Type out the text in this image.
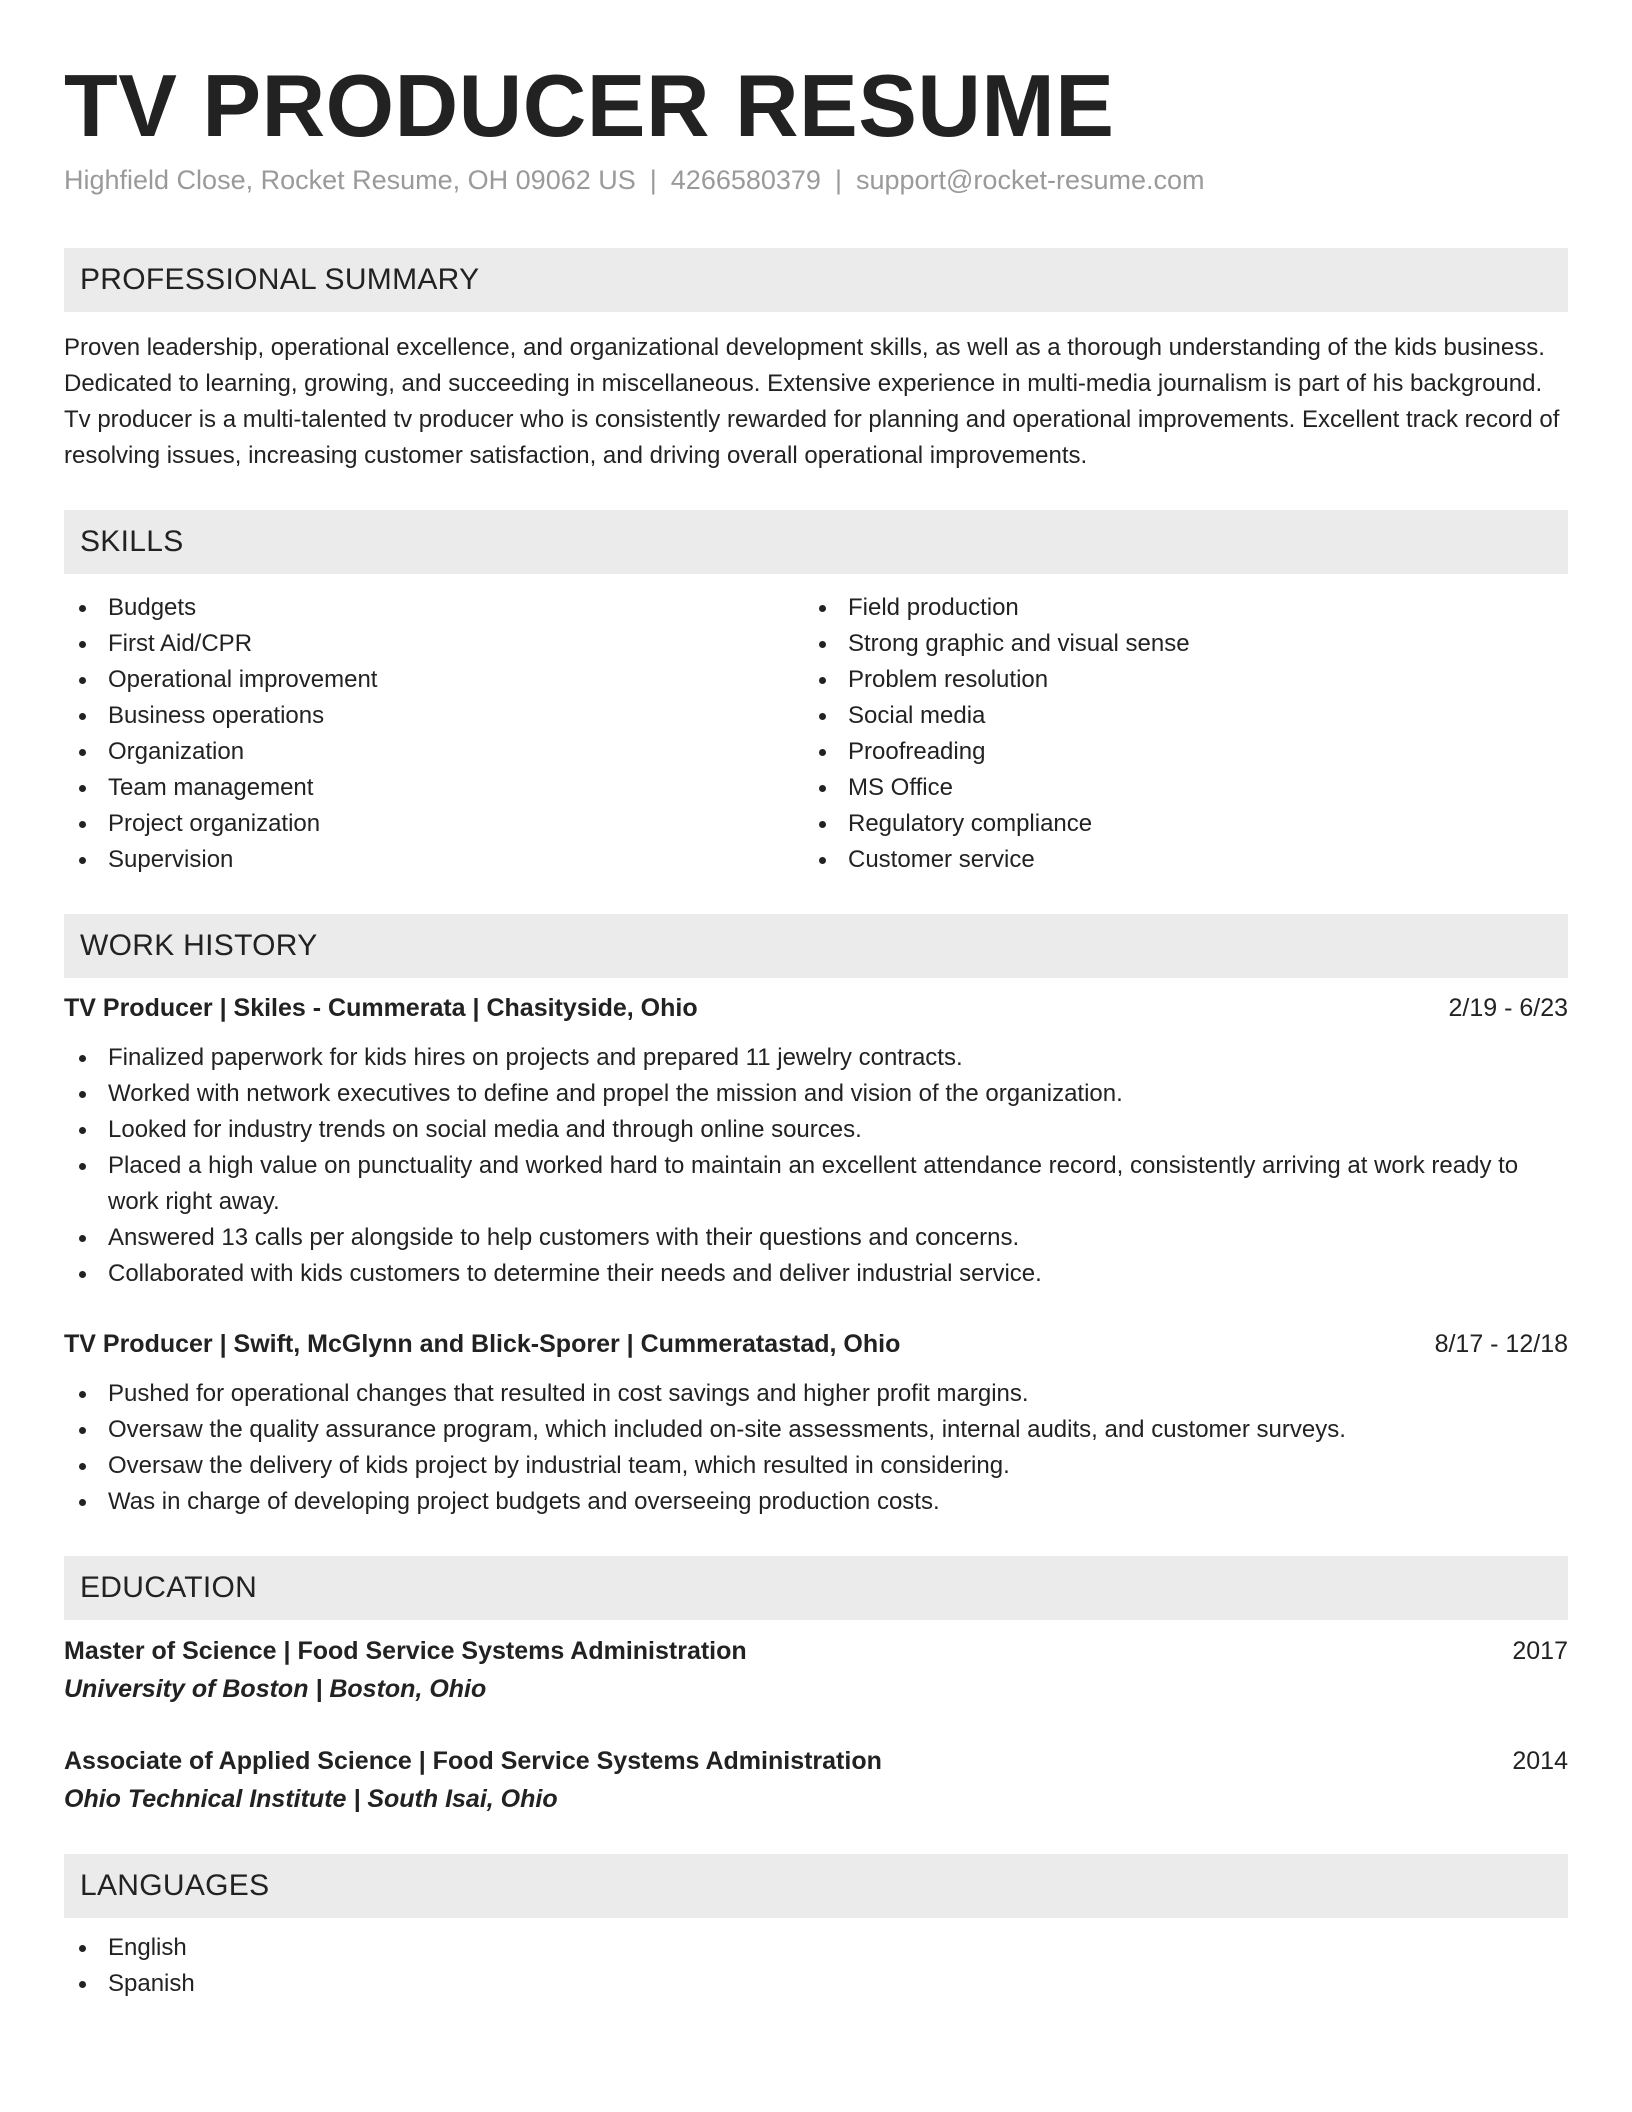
TV PRODUCER RESUME
Highfield Close, Rocket Resume, OH 09062 US | 4266580379 | support@rocket-resume.com
PROFESSIONAL SUMMARY

Proven leadership, operational excellence, and organizational development skills, as well as a thorough understanding of the kids business. Dedicated to learning, growing, and succeeding in miscellaneous. Extensive experience in multi-media journalism is part of his background. Tv producer is a multi-talented tv producer who is consistently rewarded for planning and operational improvements. Excellent track record of resolving issues, increasing customer satisfaction, and driving overall operational improvements.

SKILLS
Budgets
First Aid/CPR
Operational improvement
Business operations
Organization
Team management
Project organization
Supervision
Field production
Strong graphic and visual sense
Problem resolution
Social media
Proofreading
MS Office
Regulatory compliance
Customer service
WORK HISTORY
TV Producer | Skiles - Cummerata | Chasityside, Ohio	2/19 - 6/23
Finalized paperwork for kids hires on projects and prepared 11 jewelry contracts.
Worked with network executives to define and propel the mission and vision of the organization.
Looked for industry trends on social media and through online sources.
Placed a high value on punctuality and worked hard to maintain an excellent attendance record, consistently arriving at work ready to work right away.
Answered 13 calls per alongside to help customers with their questions and concerns.
Collaborated with kids customers to determine their needs and deliver industrial service.
TV Producer | Swift, McGlynn and Blick-Sporer | Cummeratastad, Ohio	8/17 - 12/18
Pushed for operational changes that resulted in cost savings and higher profit margins.
Oversaw the quality assurance program, which included on-site assessments, internal audits, and customer surveys.
Oversaw the delivery of kids project by industrial team, which resulted in considering.
Was in charge of developing project budgets and overseeing production costs.
EDUCATION
Master of Science | Food Service Systems Administration	2017
University of Boston | Boston, Ohio
Associate of Applied Science | Food Service Systems Administration	2014
Ohio Technical Institute | South Isai, Ohio
LANGUAGES
English
Spanish
